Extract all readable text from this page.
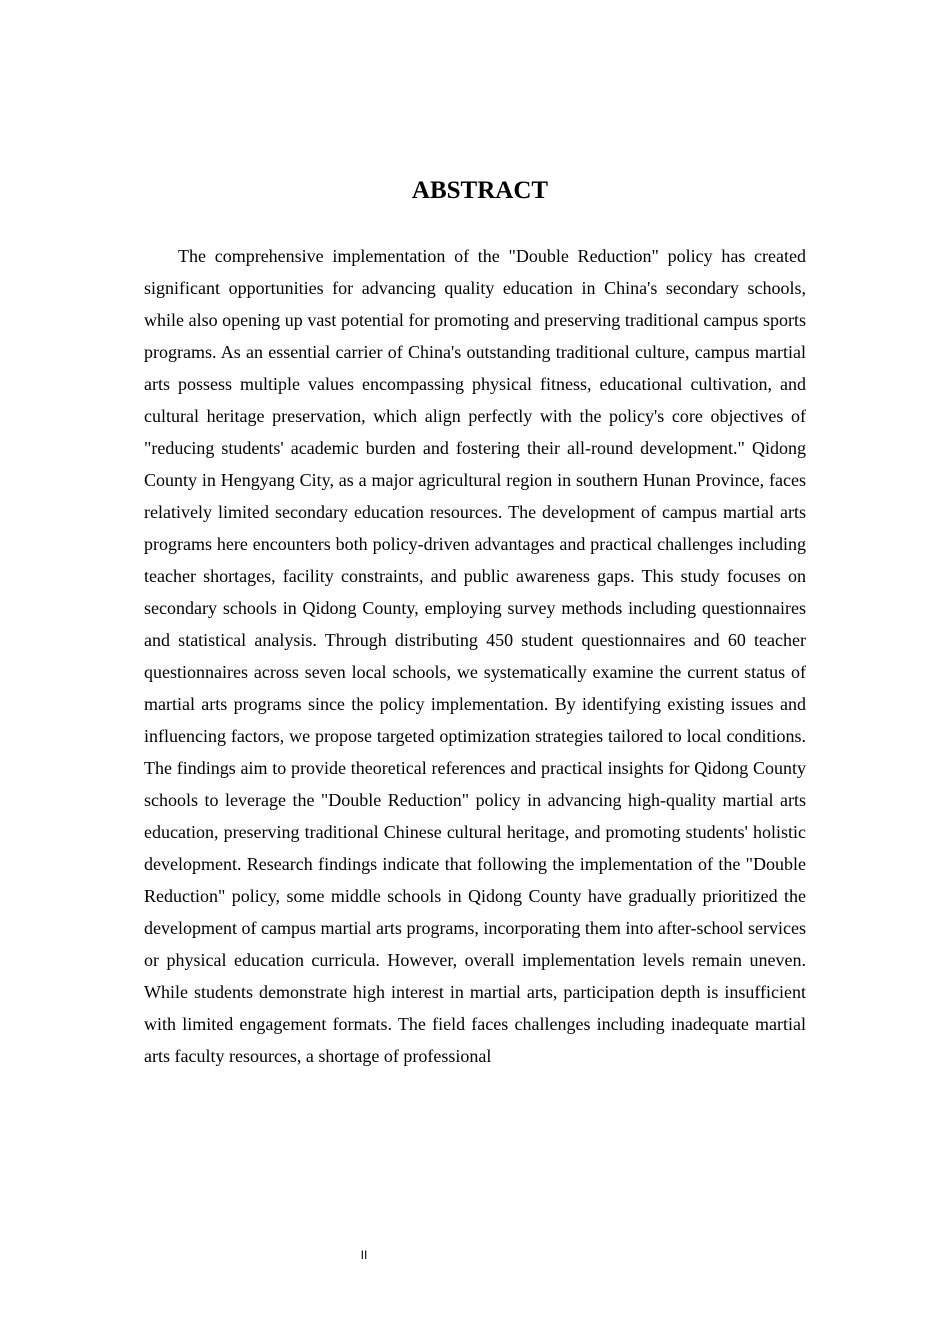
ABSTRACT

The comprehensive implementation of the "Double Reduction" policy has created significant opportunities for advancing quality education in China's secondary schools, while also opening up vast potential for promoting and preserving traditional campus sports programs. As an essential carrier of China's outstanding traditional culture, campus martial arts possess multiple values encompassing physical fitness, educational cultivation, and cultural heritage preservation, which align perfectly with the policy's core objectives of "reducing students' academic burden and fostering their all-round development." Qidong County in Hengyang City, as a major agricultural region in southern Hunan Province, faces relatively limited secondary education resources. The development of campus martial arts programs here encounters both policy-driven advantages and practical challenges including teacher shortages, facility constraints, and public awareness gaps. This study focuses on secondary schools in Qidong County, employing survey methods including questionnaires and statistical analysis. Through distributing 450 student questionnaires and 60 teacher questionnaires across seven local schools, we systematically examine the current status of martial arts programs since the policy implementation. By identifying existing issues and influencing factors, we propose targeted optimization strategies tailored to local conditions. The findings aim to provide theoretical references and practical insights for Qidong County schools to leverage the "Double Reduction" policy in advancing high-quality martial arts education, preserving traditional Chinese cultural heritage, and promoting students' holistic development. Research findings indicate that following the implementation of the "Double Reduction" policy, some middle schools in Qidong County have gradually prioritized the development of campus martial arts programs, incorporating them into after-school services or physical education curricula. However, overall implementation levels remain uneven. While students demonstrate high interest in martial arts, participation depth is insufficient with limited engagement formats. The field faces challenges including inadequate martial arts faculty resources, a shortage of professional

II
